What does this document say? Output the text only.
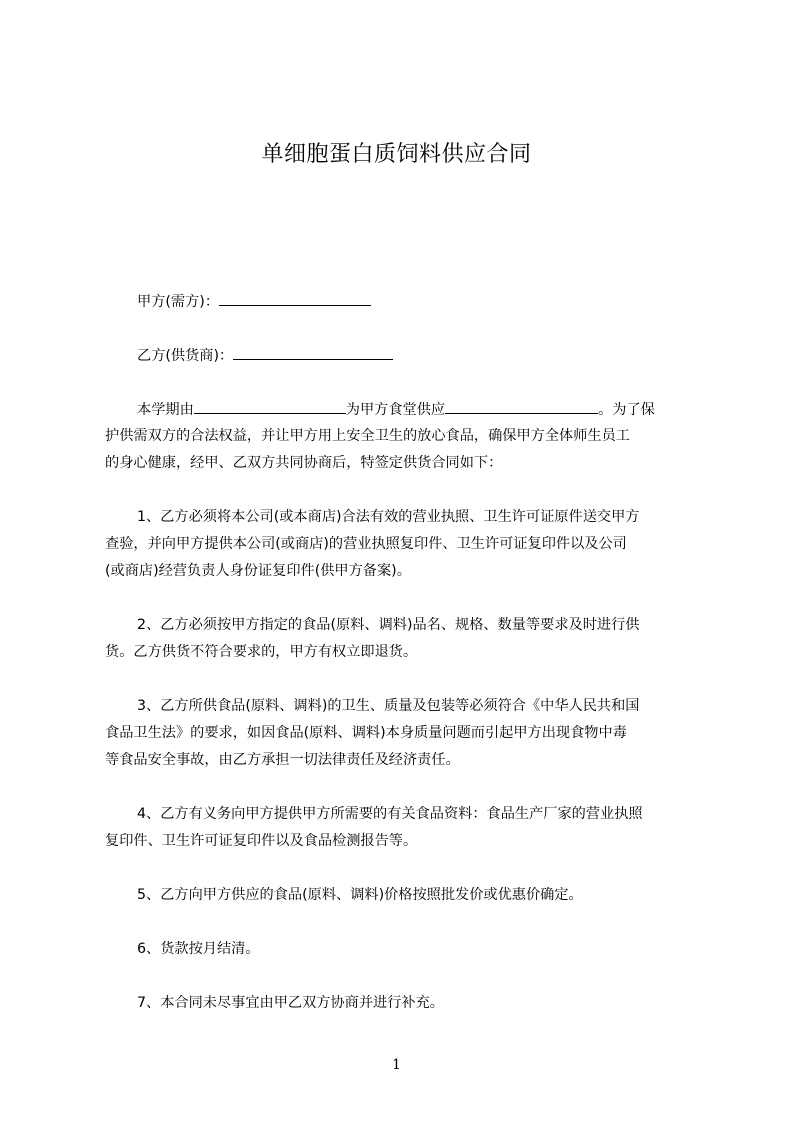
单细胞蛋白质饲料供应合同
甲方(需方)：
乙方(供货商)：
本学期由	为甲方食堂供应	。为了保
护供需双方的合法权益，并让甲方用上安全卫生的放心食品，确保甲方全体师生员工
的身心健康，经甲、乙双方共同协商后，特签定供货合同如下：
1、乙方必须将本公司(或本商店)合法有效的营业执照、卫生许可证原件送交甲方
查验，并向甲方提供本公司(或商店)的营业执照复印件、卫生许可证复印件以及公司
(或商店)经营负责人身份证复印件(供甲方备案)。
2、乙方必须按甲方指定的食品(原料、调料)品名、规格、数量等要求及时进行供
货。乙方供货不符合要求的，甲方有权立即退货。
3、乙方所供食品(原料、调料)的卫生、质量及包装等必须符合《中华人民共和国
食品卫生法》的要求，如因食品(原料、调料)本身质量问题而引起甲方出现食物中毒
等食品安全事故，由乙方承担一切法律责任及经济责任。
4、乙方有义务向甲方提供甲方所需要的有关食品资料：食品生产厂家的营业执照
复印件、卫生许可证复印件以及食品检测报告等。
5、乙方向甲方供应的食品(原料、调料)价格按照批发价或优惠价确定。
6、货款按月结清。
7、本合同未尽事宜由甲乙双方协商并进行补充。
1
